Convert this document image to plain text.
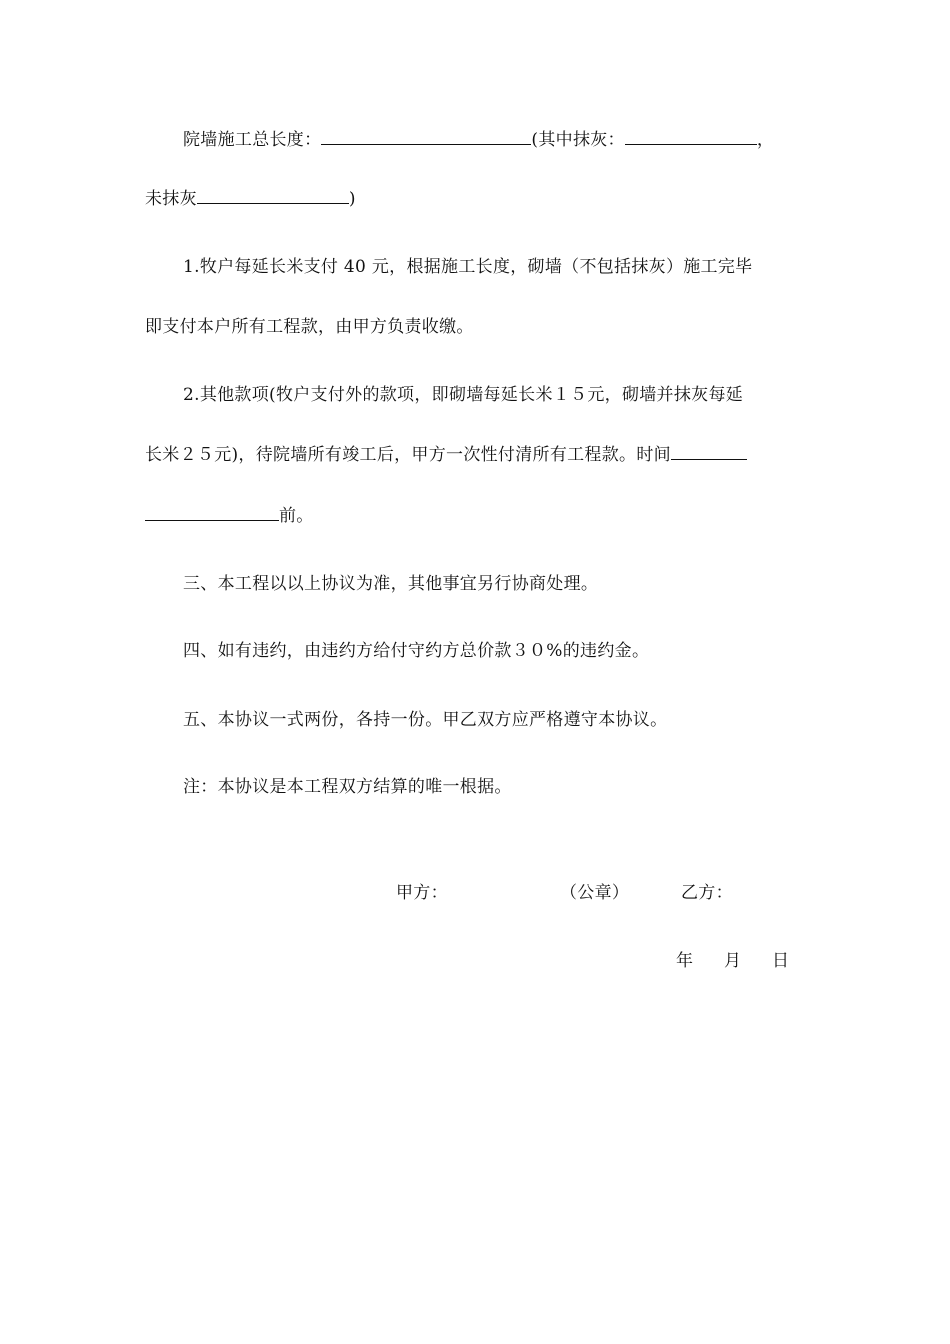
院墙施工总长度：	(其中抹灰：	，
未抹灰	)
1.牧户每延长米支付 40 元，根据施工长度，砌墙（不包括抹灰）施工完毕
即支付本户所有工程款，由甲方负责收缴。
2.其他款项(牧户支付外的款项，即砌墙每延长米１５元，砌墙并抹灰每延
长米２５元)，待院墙所有竣工后，甲方一次性付清所有工程款。时间
前。
三、本工程以以上协议为准，其他事宜另行协商处理。
四、如有违约，由违约方给付守约方总价款３０%的违约金。
五、本协议一式两份，各持一份。甲乙双方应严格遵守本协议。
注：本协议是本工程双方结算的唯一根据。
甲方：	（公章）	乙方：
年 月 日
